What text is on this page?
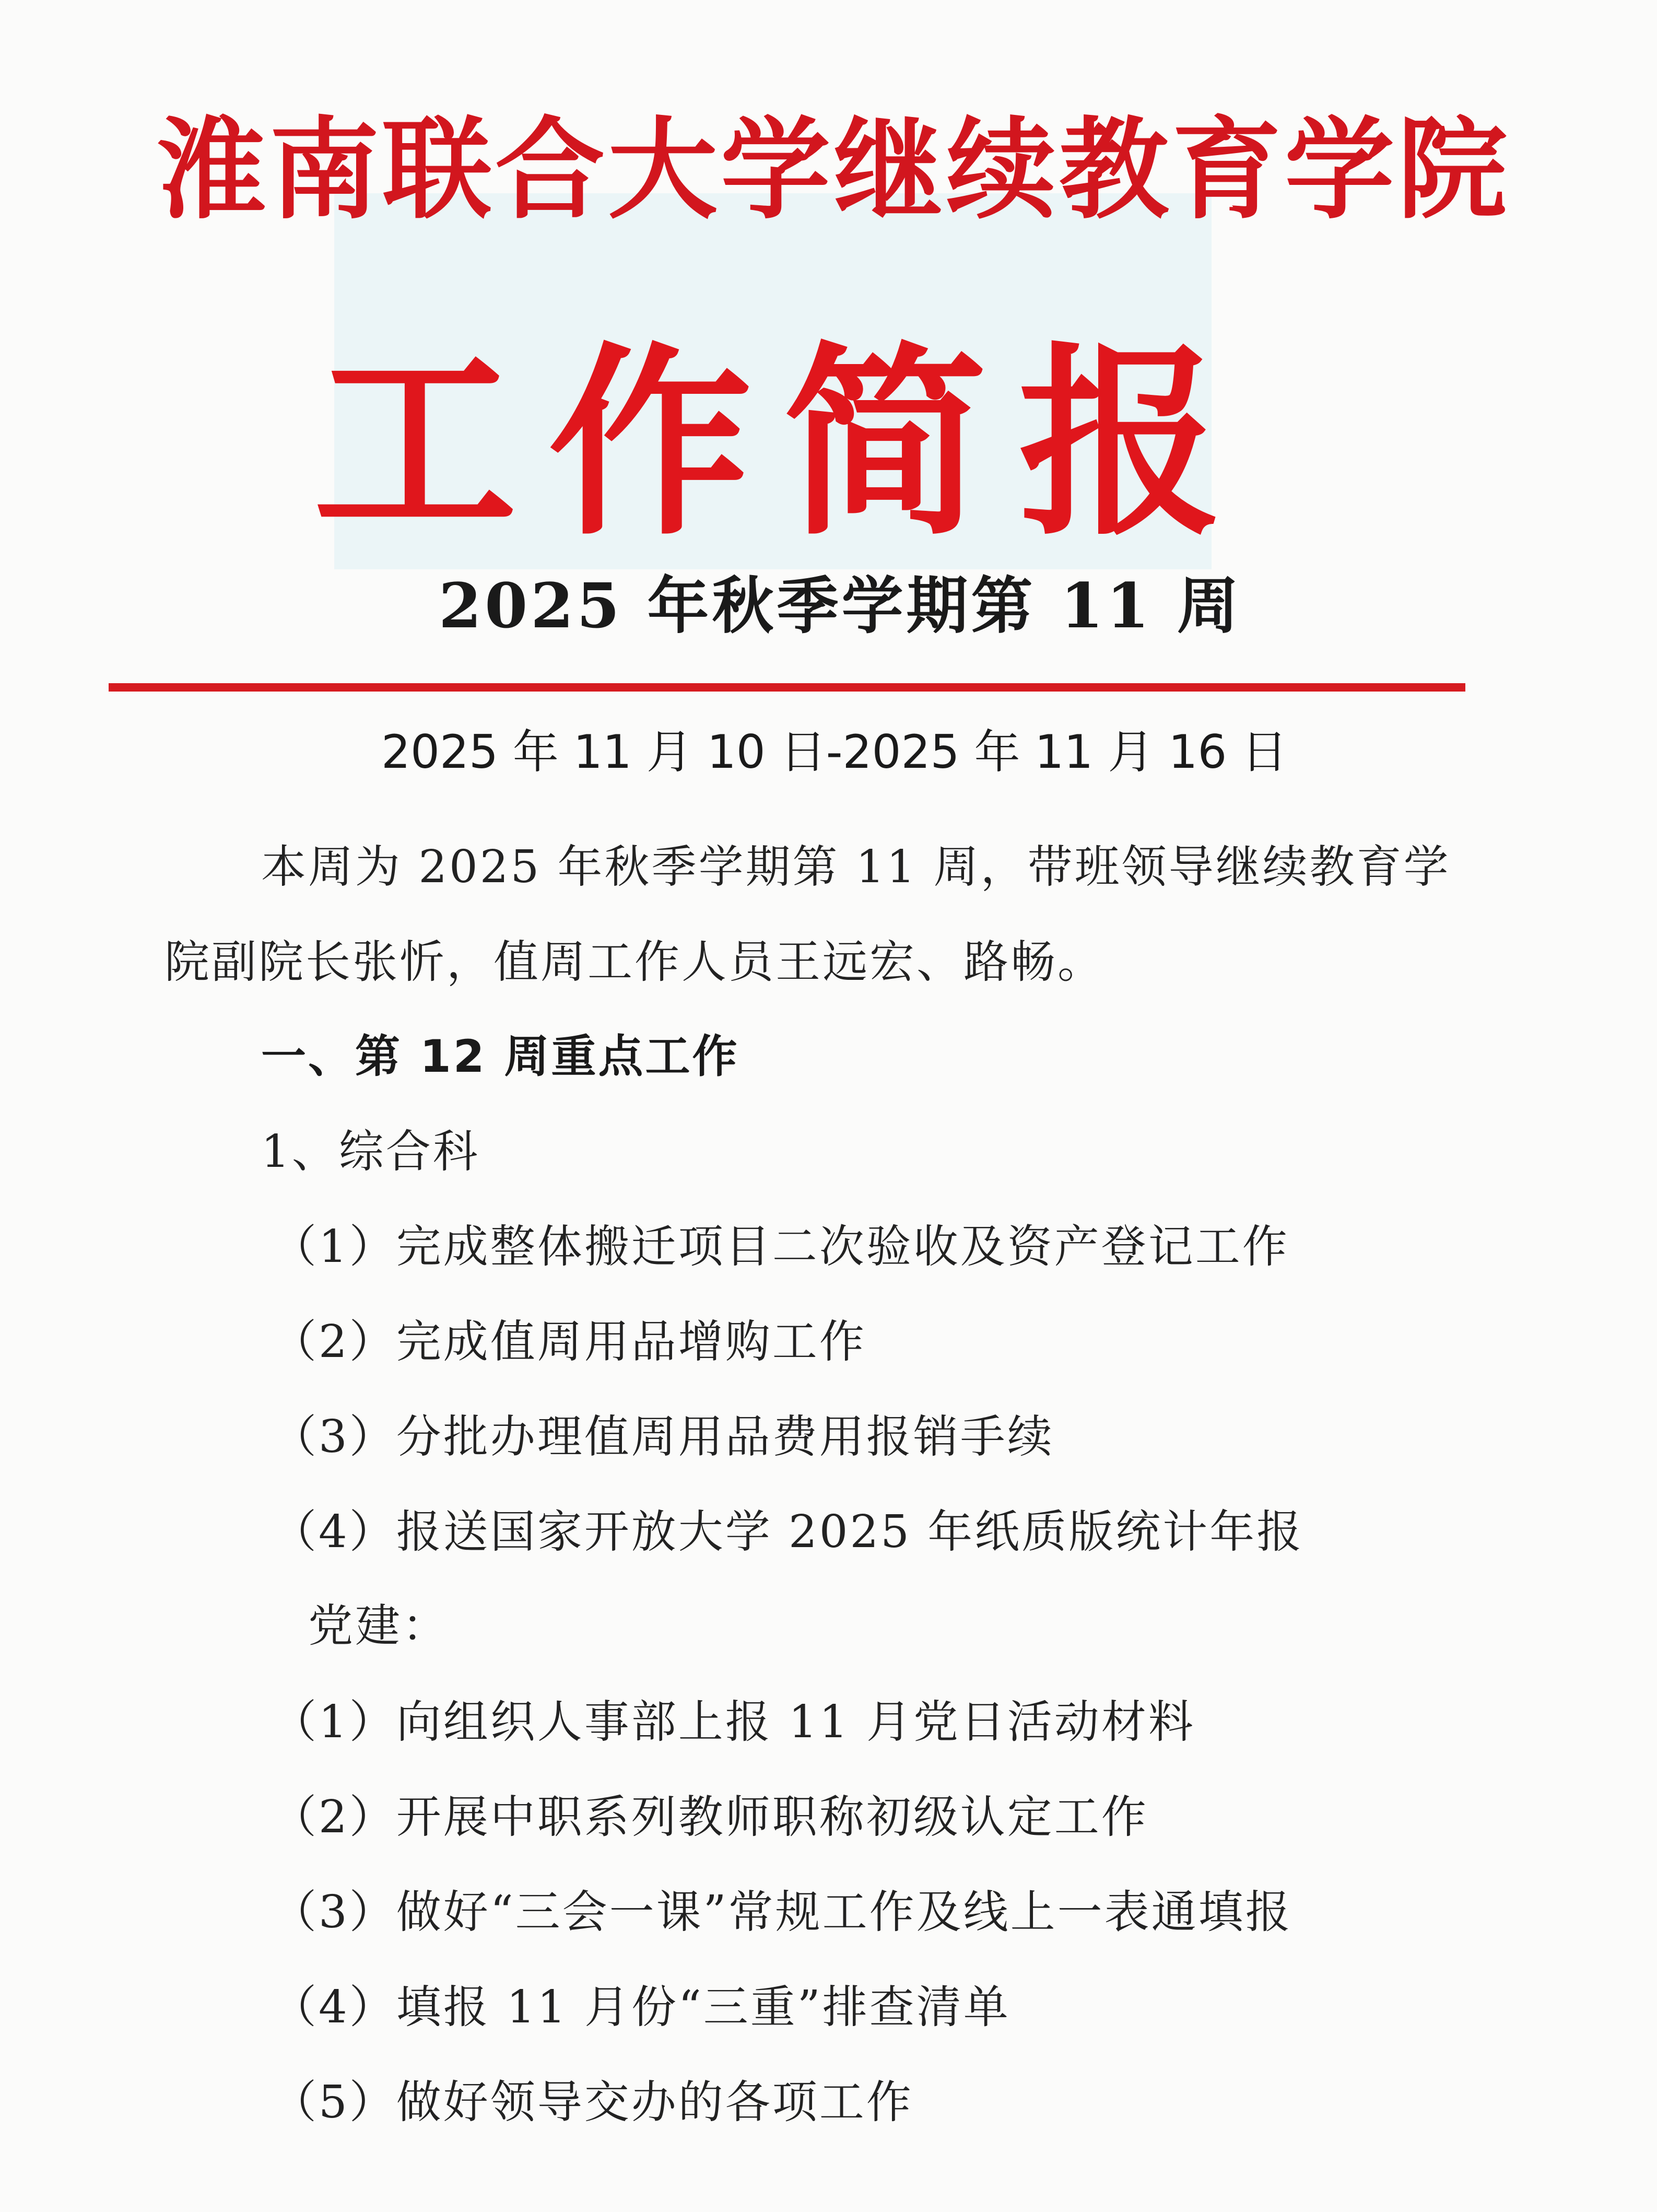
淮南联合大学继续教育学院
工作简报
2025 年秋季学期第 11 周
2025 年 11 月 10 日-2025 年 11 月 16 日
本周为 2025 年秋季学期第 11 周，带班领导继续教育学
院副院长张忻，值周工作人员王远宏、路畅。
一、第 12 周重点工作
1、综合科
（1）完成整体搬迁项目二次验收及资产登记工作
（2）完成值周用品增购工作
（3）分批办理值周用品费用报销手续
（4）报送国家开放大学 2025 年纸质版统计年报
党建：
（1）向组织人事部上报 11 月党日活动材料
（2）开展中职系列教师职称初级认定工作
（3）做好“三会一课”常规工作及线上一表通填报
（4）填报 11 月份“三重”排查清单
（5）做好领导交办的各项工作
